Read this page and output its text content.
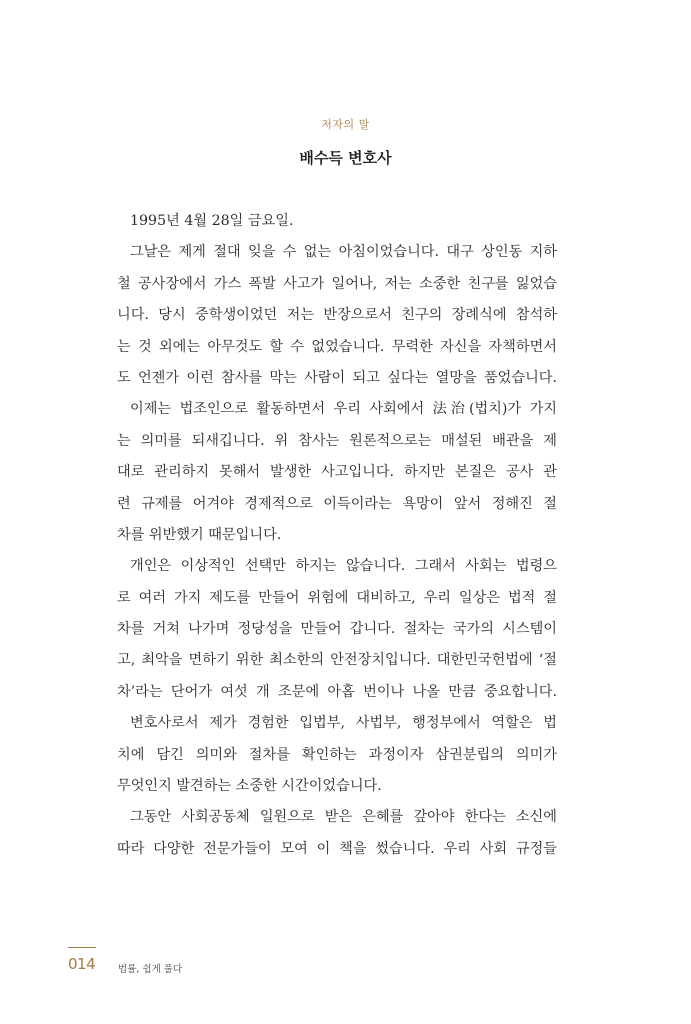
저자의 말
배수득 변호사
1995년 4월 28일 금요일.
그날은 제게 절대 잊을 수 없는 아침이었습니다. 대구 상인동 지하
철 공사장에서 가스 폭발 사고가 일어나, 저는 소중한 친구를 잃었습
니다. 당시 중학생이었던 저는 반장으로서 친구의 장례식에 참석하
는 것 외에는 아무것도 할 수 없었습니다. 무력한 자신을 자책하면서
도 언젠가 이런 참사를 막는 사람이 되고 싶다는 열망을 품었습니다.
이제는 법조인으로 활동하면서 우리 사회에서 法治(법치)가 가지
는 의미를 되새깁니다. 위 참사는 원론적으로는 매설된 배관을 제
대로 관리하지 못해서 발생한 사고입니다. 하지만 본질은 공사 관
련 규제를 어겨야 경제적으로 이득이라는 욕망이 앞서 정해진 절
차를 위반했기 때문입니다.
개인은 이상적인 선택만 하지는 않습니다. 그래서 사회는 법령으
로 여러 가지 제도를 만들어 위험에 대비하고, 우리 일상은 법적 절
차를 거쳐 나가며 정당성을 만들어 갑니다. 절차는 국가의 시스템이
고, 최악을 면하기 위한 최소한의 안전장치입니다. 대한민국헌법에 ‘절
차’라는 단어가 여섯 개 조문에 아홉 번이나 나올 만큼 중요합니다.
변호사로서 제가 경험한 입법부, 사법부, 행정부에서 역할은 법
치에 담긴 의미와 절차를 확인하는 과정이자 삼권분립의 의미가
무엇인지 발견하는 소중한 시간이었습니다.
그동안 사회공동체 일원으로 받은 은혜를 갚아야 한다는 소신에
따라 다양한 전문가들이 모여 이 책을 썼습니다. 우리 사회 규정들
014 법률, 쉽게 풀다
